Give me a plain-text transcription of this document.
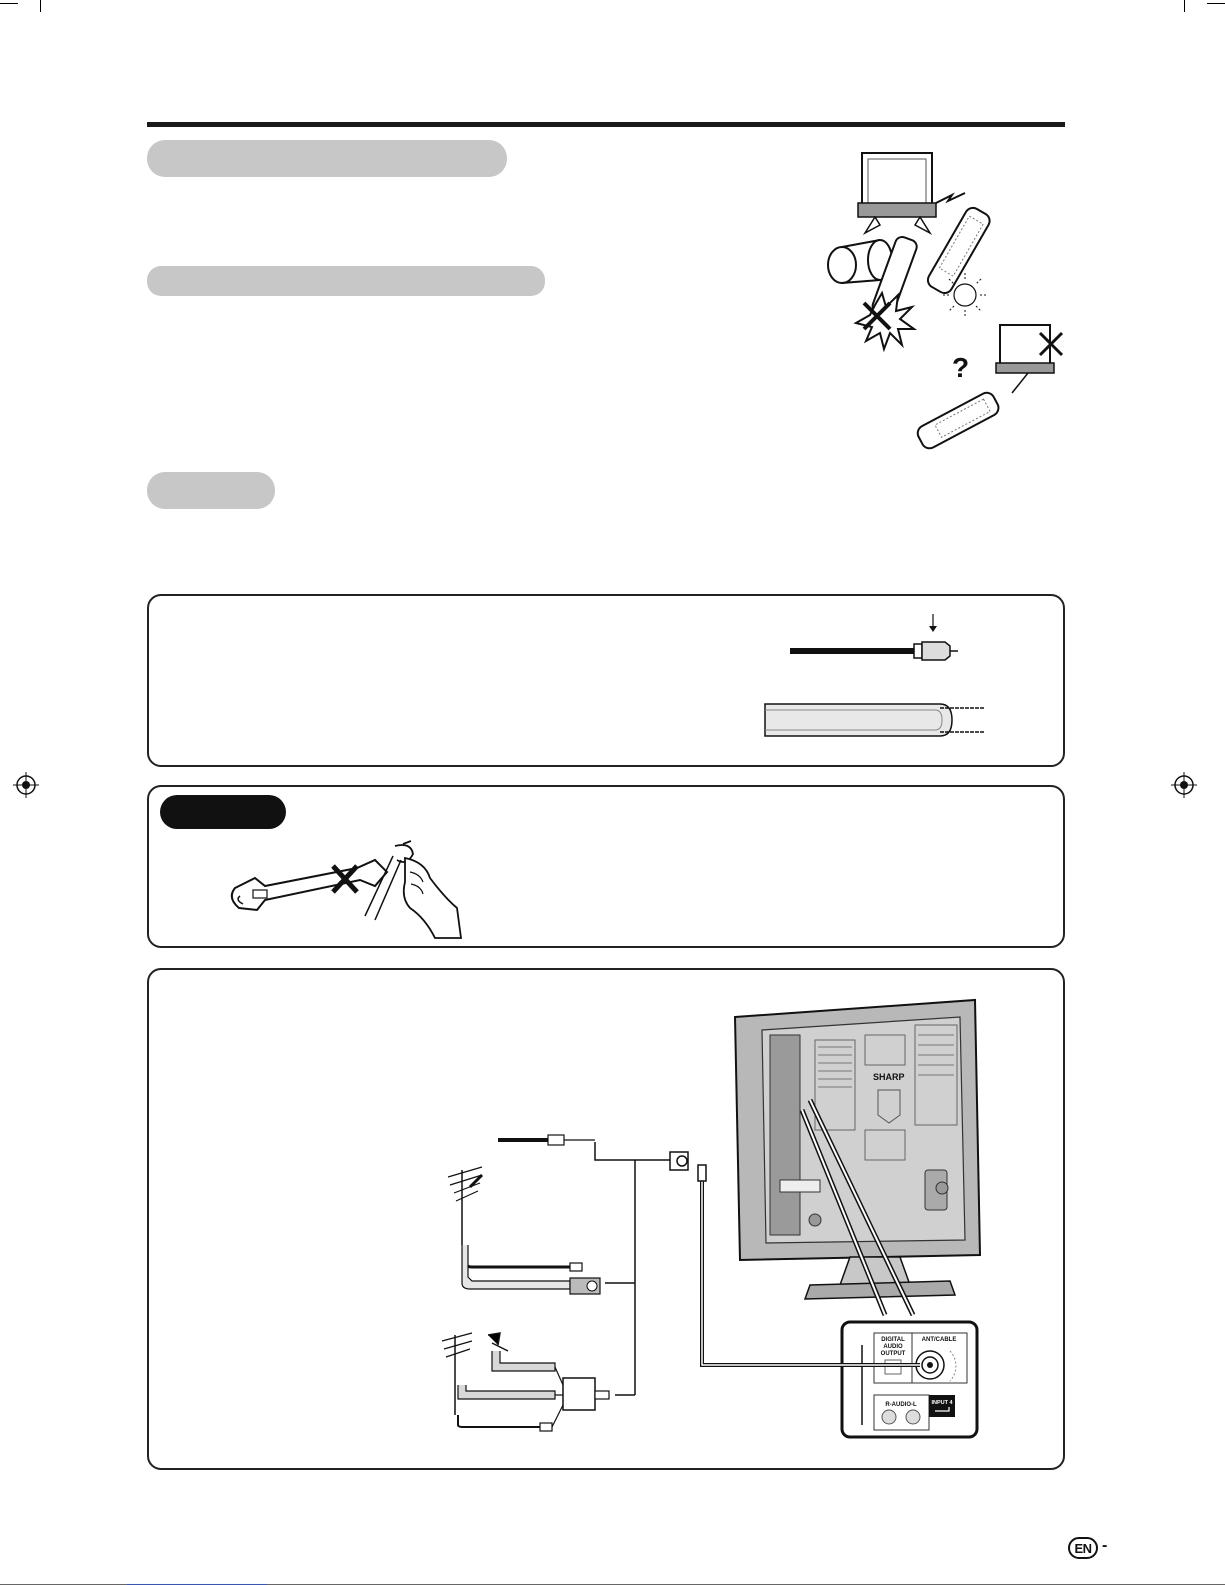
?
SHARP
DIGITAL
AUDIO
OUTPUT
ANT/CABLE
R-AUDIO-L	INPUT 4
EN -
